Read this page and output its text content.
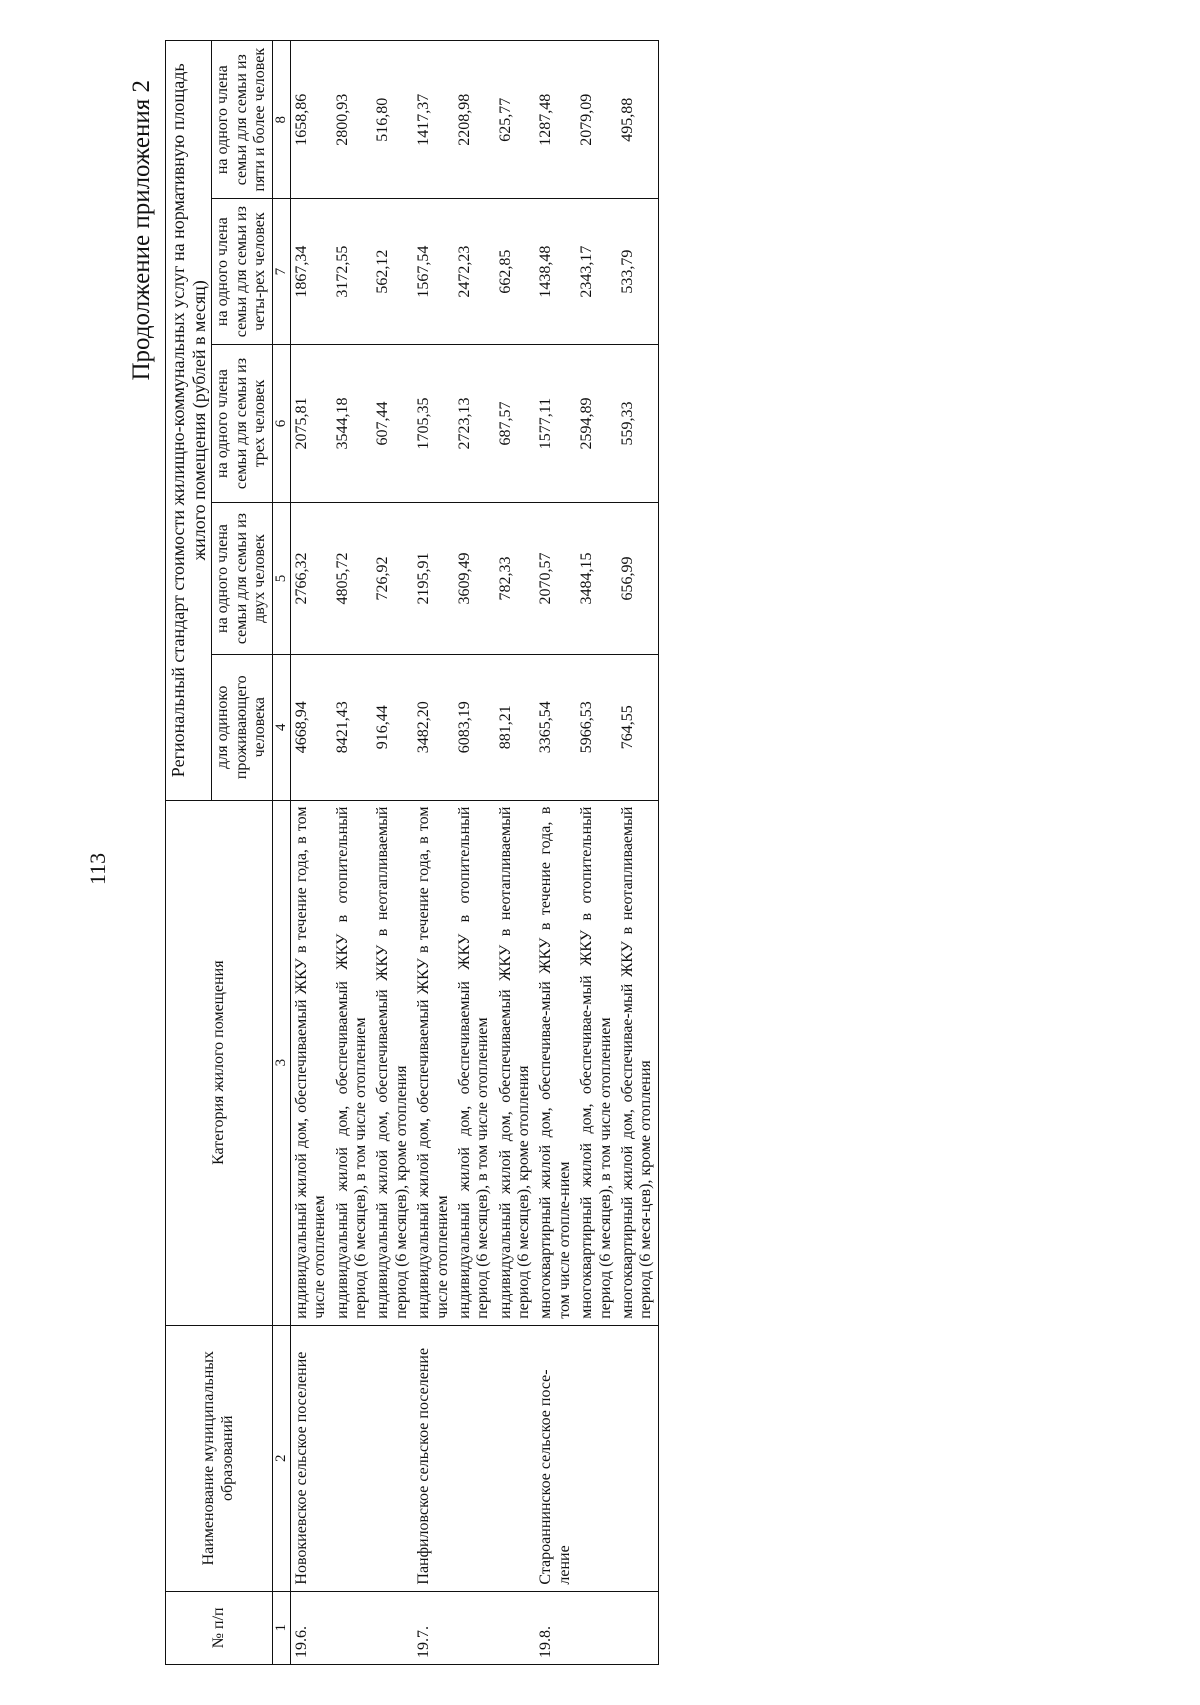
113
Продолжение приложения 2
№ п/п	Наименование муниципальных образований	Категория жилого помещения	Региональный стандарт стоимости жилищно-коммунальных услуг на нормативную площадь жилого помещения (рублей в месяц)				
			для одиноко проживающего человека	на одного члена семьи для семьи из двух человек	на одного члена семьи для семьи из трех человек	на одного члена семьи для семьи из четы-рех человек	на одного члена семьи для семьи из пяти и более человек
1	2	3	4	5	6	7	8
19.6.	Новокиевское сельское поселение	индивидуальный жилой дом, обеспечиваемый ЖКУ в течение года, в том числе отоплением	4668,94	2766,32	2075,81	1867,34	1658,86
		индивидуальный жилой дом, обеспечиваемый ЖКУ в отопительный период (6 месяцев), в том числе отоплением	8421,43	4805,72	3544,18	3172,55	2800,93
		индивидуальный жилой дом, обеспечиваемый ЖКУ в неотапливаемый период (6 месяцев), кроме отопления	916,44	726,92	607,44	562,12	516,80
19.7.	Панфиловское сельское поселение	индивидуальный жилой дом, обеспечиваемый ЖКУ в течение года, в том числе отоплением	3482,20	2195,91	1705,35	1567,54	1417,37
		индивидуальный жилой дом, обеспечиваемый ЖКУ в отопительный период (6 месяцев), в том числе отоплением	6083,19	3609,49	2723,13	2472,23	2208,98
		индивидуальный жилой дом, обеспечиваемый ЖКУ в неотапливаемый период (6 месяцев), кроме отопления	881,21	782,33	687,57	662,85	625,77
19.8.	Староаннинское сельское посе-ление	многоквартирный жилой дом, обеспечивае-мый ЖКУ в течение года, в том числе отопле-нием	3365,54	2070,57	1577,11	1438,48	1287,48
		многоквартирный жилой дом, обеспечивае-мый ЖКУ в отопительный период (6 месяцев), в том числе отоплением	5966,53	3484,15	2594,89	2343,17	2079,09
		многоквартирный жилой дом, обеспечивае-мый ЖКУ в неотапливаемый период (6 меся-цев), кроме отопления	764,55	656,99	559,33	533,79	495,88
